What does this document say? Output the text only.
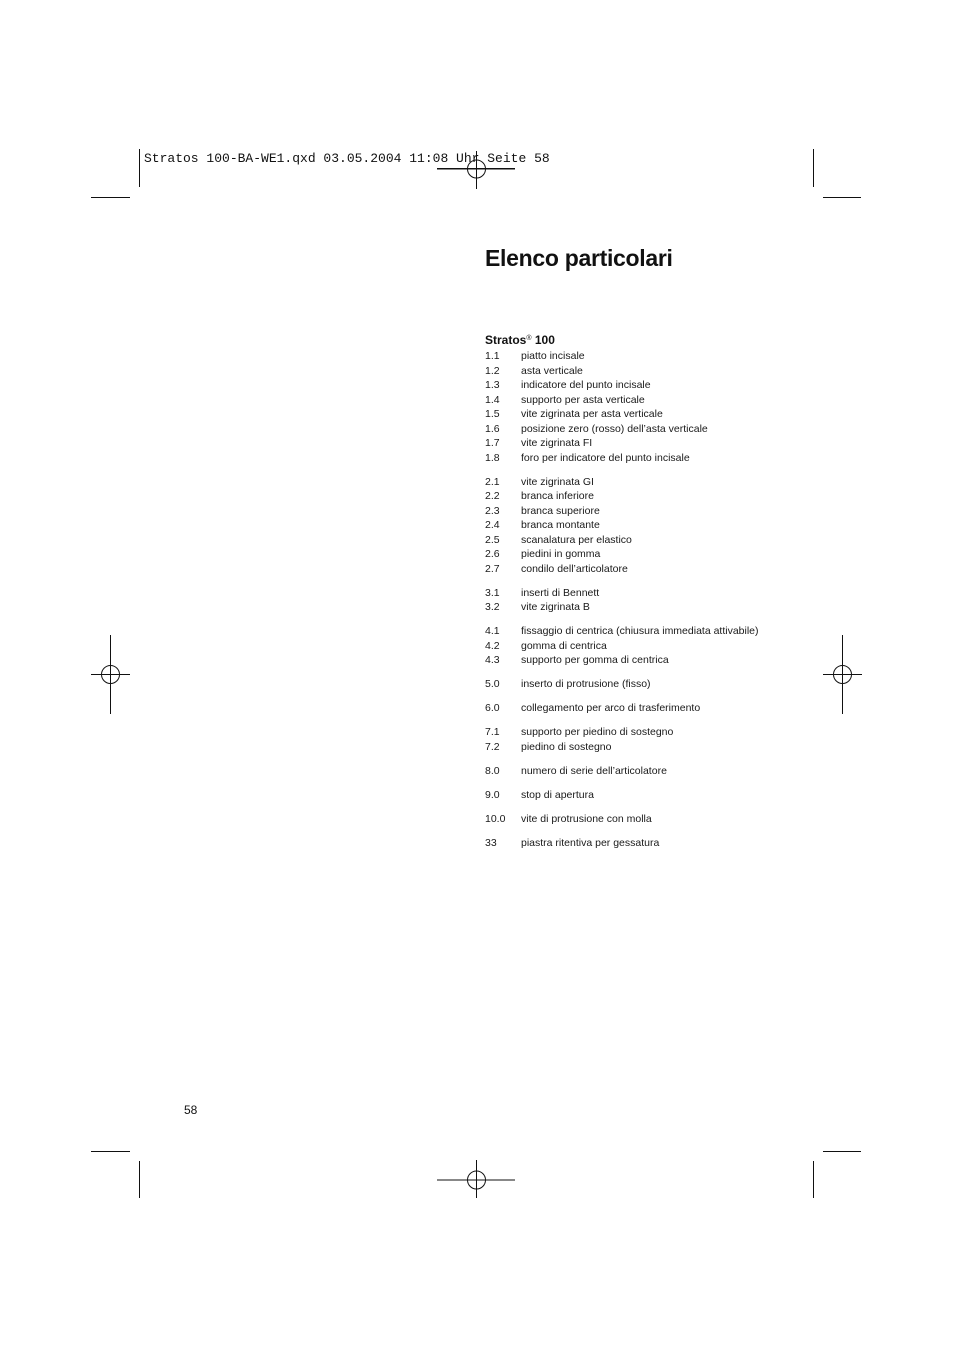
Stratos 100-BA-WE1.qxd 03.05.2004 11:08 Uhr Seite 58
Elenco particolari
Stratos® 100
1.1 piatto incisale
1.2 asta verticale
1.3 indicatore del punto incisale
1.4 supporto per asta verticale
1.5 vite zigrinata per asta verticale
1.6 posizione zero (rosso) dell’asta verticale
1.7 vite zigrinata FI
1.8 foro per indicatore del punto incisale
2.1 vite zigrinata GI
2.2 branca inferiore
2.3 branca superiore
2.4 branca montante
2.5 scanalatura per elastico
2.6 piedini in gomma
2.7 condilo dell’articolatore
3.1 inserti di Bennett
3.2 vite zigrinata B
4.1 fissaggio di centrica (chiusura immediata attivabile)
4.2 gomma di centrica
4.3 supporto per gomma di centrica
5.0 inserto di protrusione (fisso)
6.0 collegamento per arco di trasferimento
7.1 supporto per piedino di sostegno
7.2 piedino di sostegno
8.0 numero di serie dell’articolatore
9.0 stop di apertura
10.0 vite di protrusione con molla
33 piastra ritentiva per gessatura
58
